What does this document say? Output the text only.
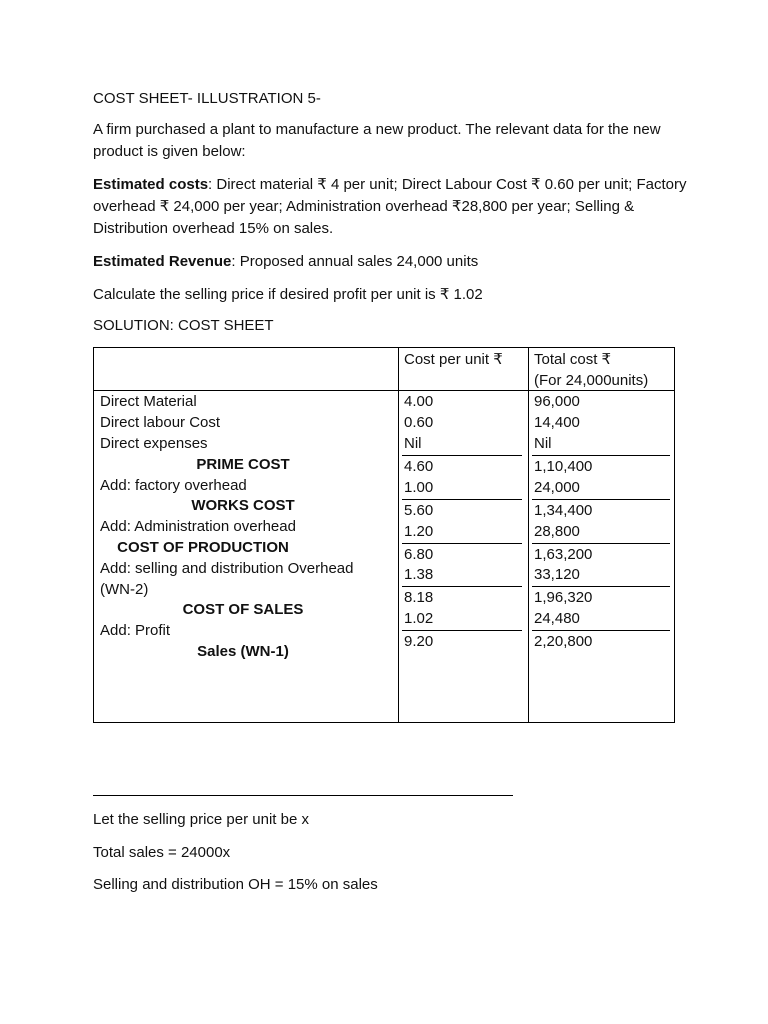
COST SHEET- ILLUSTRATION 5-

A firm purchased a plant to manufacture a new product. The relevant data for the new product is given below:

Estimated costs: Direct material ₹ 4 per unit; Direct Labour Cost ₹ 0.60 per unit; Factory overhead ₹ 24,000 per year; Administration overhead ₹28,800 per year; Selling & Distribution overhead 15% on sales.

Estimated Revenue: Proposed annual sales 24,000 units

Calculate the selling price if desired profit per unit is ₹ 1.02

SOLUTION: COST SHEET

Cost per unit ₹ Total cost ₹
(For 24,000units)
Direct Material
Direct labour Cost
Direct expenses
PRIME COST
Add: factory overhead
WORKS COST
Add: Administration overhead
COST OF PRODUCTION
Add: selling and distribution Overhead
(WN-2)
COST OF SALES
Add: Profit
Sales (WN-1)
4.00
0.60
Nil
4.60
1.00
5.60
1.20
6.80
1.38
8.18
1.02
9.20
96,000
14,400
Nil
1,10,400
24,000
1,34,400
28,800
1,63,200
33,120
1,96,320
24,480
2,20,800

Let the selling price per unit be x

Total sales = 24000x

Selling and distribution OH = 15% on sales
